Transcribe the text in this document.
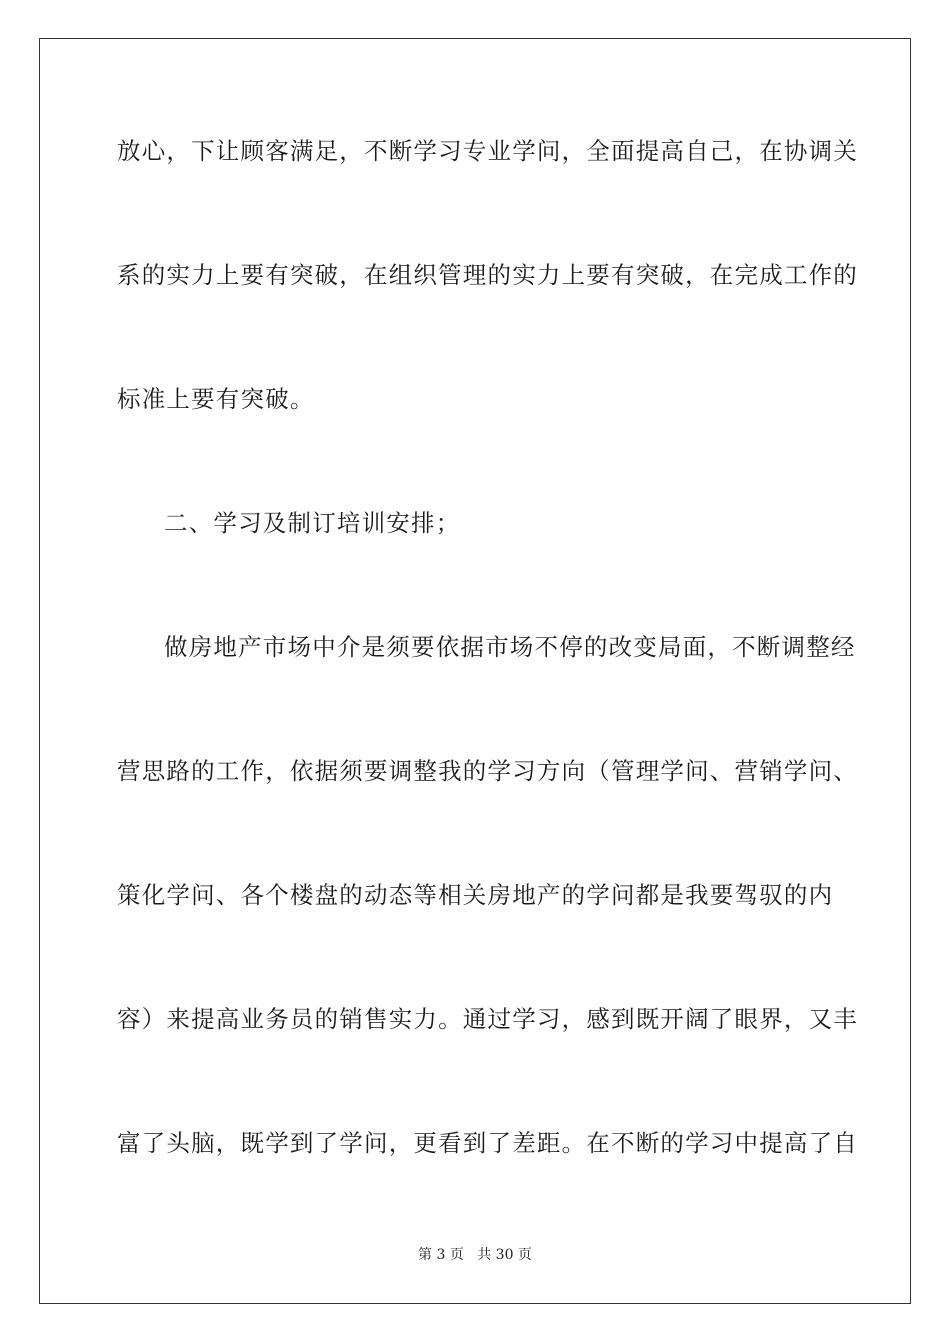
放心，下让顾客满足，不断学习专业学问，全面提高自己，在协调关
系的实力上要有突破，在组织管理的实力上要有突破，在完成工作的
标准上要有突破。
二、学习及制订培训安排；
做房地产市场中介是须要依据市场不停的改变局面，不断调整经
营思路的工作，依据须要调整我的学习方向（管理学问、营销学问、
策化学问、各个楼盘的动态等相关房地产的学问都是我要驾驭的内
容）来提高业务员的销售实力。通过学习，感到既开阔了眼界，又丰
富了头脑，既学到了学问，更看到了差距。在不断的学习中提高了自
第 3 页 共 30 页
